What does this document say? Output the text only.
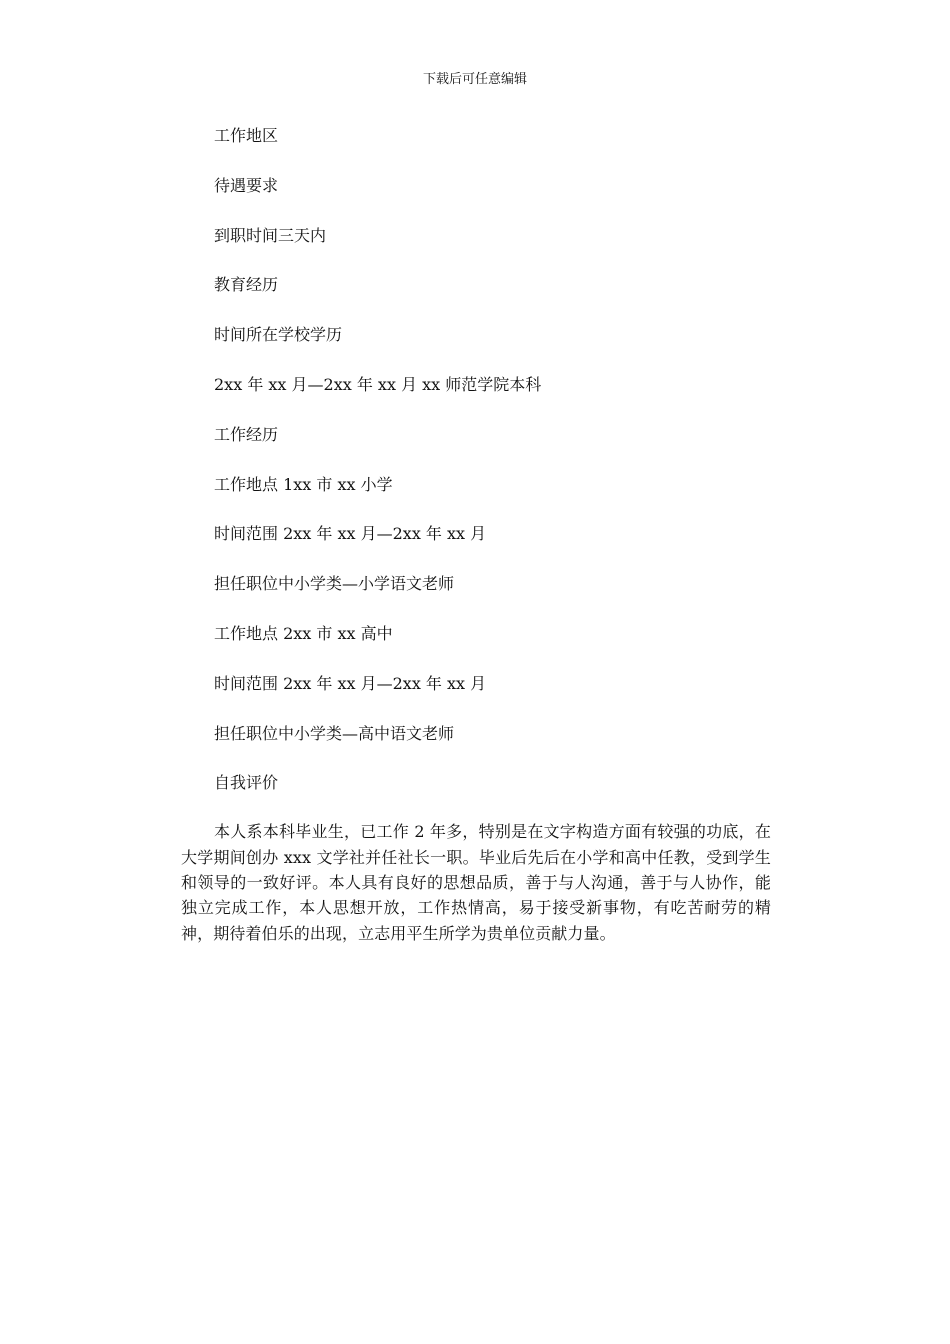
下载后可任意编辑
工作地区
待遇要求
到职时间三天内
教育经历
时间所在学校学历
2xx 年 xx 月—2xx 年 xx 月 xx 师范学院本科
工作经历
工作地点 1xx 市 xx 小学
时间范围 2xx 年 xx 月—2xx 年 xx 月
担任职位中小学类—小学语文老师
工作地点 2xx 市 xx 高中
时间范围 2xx 年 xx 月—2xx 年 xx 月
担任职位中小学类—高中语文老师
自我评价
本人系本科毕业生，已工作 2 年多，特别是在文字构造方面有较强的功底，在大学期间创办 xxx 文学社并任社长一职。毕业后先后在小学和高中任教，受到学生和领导的一致好评。本人具有良好的思想品质，善于与人沟通，善于与人协作，能独立完成工作，本人思想开放，工作热情高，易于接受新事物，有吃苦耐劳的精神，期待着伯乐的出现，立志用平生所学为贵单位贡献力量。
